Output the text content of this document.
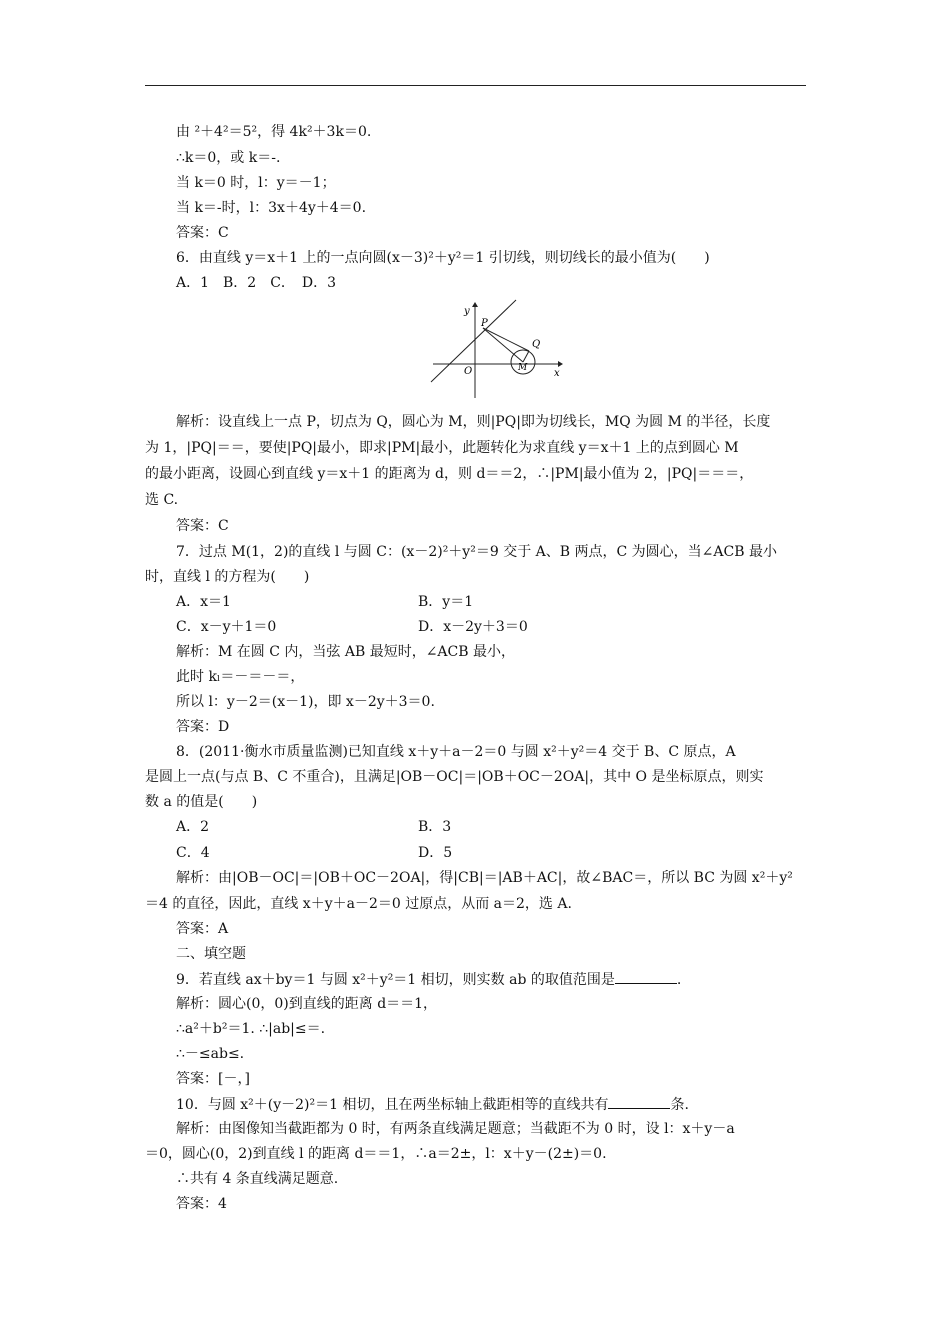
由 ²＋4²＝5²，得 4k²＋3k＝0.
∴k＝0，或 k＝-.
当 k＝0 时，l：y＝－1；
当 k＝-时，l：3x＋4y＋4＝0.
答案：C
6．由直线 y＝x＋1 上的一点向圆(x－3)²＋y²＝1 引切线，则切线长的最小值为(　　)
A．1　B．2　C．　D．3
y
x
O
P
Q
M
解析：设直线上一点 P，切点为 Q，圆心为 M，则|PQ|即为切线长，MQ 为圆 M 的半径，长度
为 1，|PQ|＝＝，要使|PQ|最小，即求|PM|最小，此题转化为求直线 y＝x＋1 上的点到圆心 M
的最小距离，设圆心到直线 y＝x＋1 的距离为 d，则 d＝＝2，∴|PM|最小值为 2，|PQ|＝＝＝，
选 C.
答案：C
7．过点 M(1，2)的直线 l 与圆 C：(x－2)²＋y²＝9 交于 A、B 两点，C 为圆心，当∠ACB 最小
时，直线 l 的方程为(　　)
A．x＝1	B．y＝1
C．x－y＋1＝0	D．x－2y＋3＝0
解析：M 在圆 C 内，当弦 AB 最短时，∠ACB 最小，
此时 kₗ＝－＝－＝，
所以 l：y－2＝(x－1)，即 x－2y＋3＝0.
答案：D
8．(2011·衡水市质量监测)已知直线 x＋y＋a－2＝0 与圆 x²＋y²＝4 交于 B、C 原点，A
是圆上一点(与点 B、C 不重合)，且满足|OB－OC|＝|OB＋OC－2OA|，其中 O 是坐标原点，则实
数 a 的值是(　　)
A．2	B．3
C．4	D．5
解析：由|OB－OC|＝|OB＋OC－2OA|，得|CB|＝|AB＋AC|，故∠BAC＝，所以 BC 为圆 x²＋y²
＝4 的直径，因此，直线 x＋y＋a－2＝0 过原点，从而 a＝2，选 A.
答案：A
二、填空题
9．若直线 ax＋by＝1 与圆 x²＋y²＝1 相切，则实数 ab 的取值范围是	.
解析：圆心(0，0)到直线的距离 d＝＝1，
∴a²＋b²＝1. ∴|ab|≤＝.
∴－≤ab≤.
答案：[－，]
10．与圆 x²＋(y－2)²＝1 相切，且在两坐标轴上截距相等的直线共有	条.
解析：由图像知当截距都为 0 时，有两条直线满足题意；当截距不为 0 时，设 l：x＋y－a
＝0，圆心(0，2)到直线 l 的距离 d＝＝1，∴a＝2±，l：x＋y－(2±)＝0.
∴共有 4 条直线满足题意.
答案：4
